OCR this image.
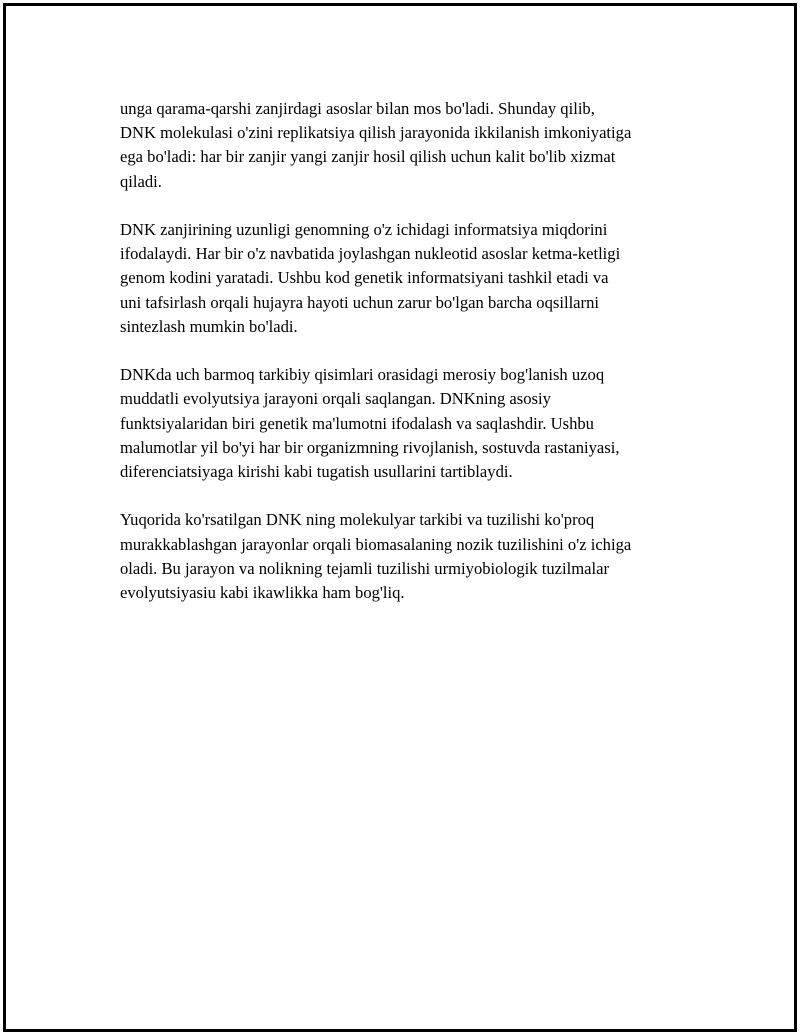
unga qarama-qarshi zanjirdagi asoslar bilan mos bo'ladi. Shunday qilib,
DNK molekulasi o'zini replikatsiya qilish jarayonida ikkilanish imkoniyatiga
ega bo'ladi: har bir zanjir yangi zanjir hosil qilish uchun kalit bo'lib xizmat
qiladi.

DNK zanjirining uzunligi genomning o'z ichidagi informatsiya miqdorini
ifodalaydi. Har bir o'z navbatida joylashgan nukleotid asoslar ketma-ketligi
genom kodini yaratadi. Ushbu kod genetik informatsiyani tashkil etadi va
uni tafsirlash orqali hujayra hayoti uchun zarur bo'lgan barcha oqsillarni
sintezlash mumkin bo'ladi.

DNKda uch barmoq tarkibiy qisimlari orasidagi merosiy bog'lanish uzoq
muddatli evolyutsiya jarayoni orqali saqlangan. DNKning asosiy
funktsiyalaridan biri genetik ma'lumotni ifodalash va saqlashdir. Ushbu
malumotlar yil bo'yi har bir organizmning rivojlanish, sostuvda rastaniyasi,
diferenciatsiyaga kirishi kabi tugatish usullarini tartiblaydi.

Yuqorida ko'rsatilgan DNK ning molekulyar tarkibi va tuzilishi ko'proq
murakkablashgan jarayonlar orqali biomasalaning nozik tuzilishini o'z ichiga
oladi. Bu jarayon va nolikning tejamli tuzilishi urmiyobiologik tuzilmalar
evolyutsiyasiu kabi ikawlikka ham bog'liq.
